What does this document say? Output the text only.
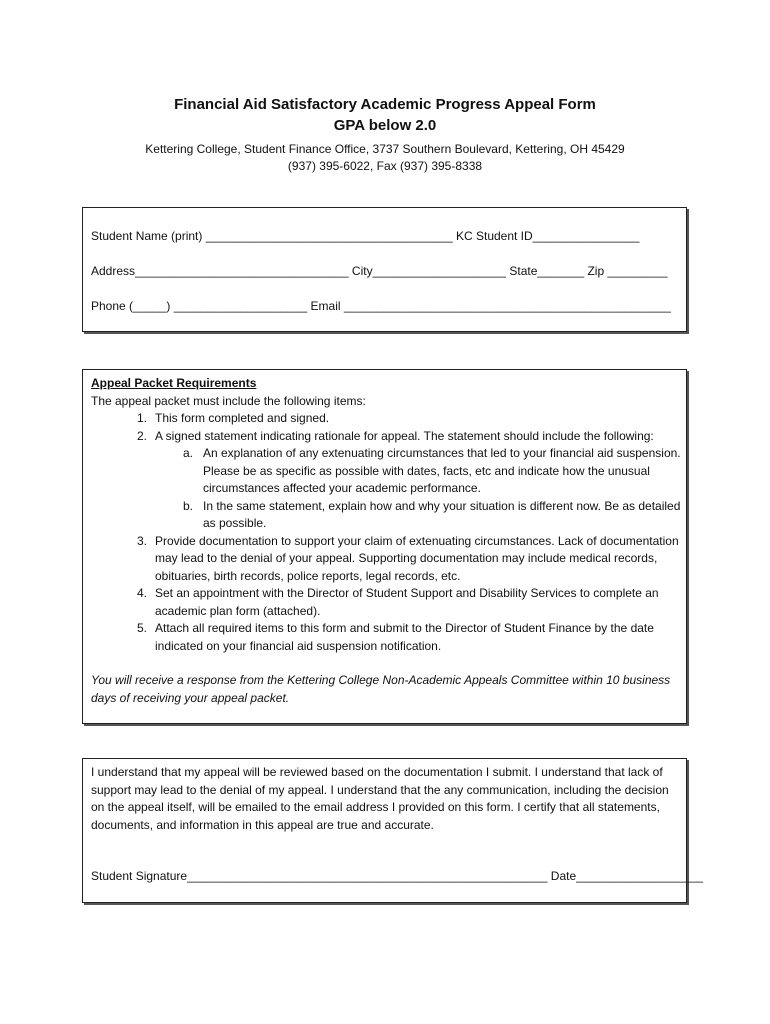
Financial Aid Satisfactory Academic Progress Appeal Form
GPA below 2.0
Kettering College, Student Finance Office, 3737 Southern Boulevard, Kettering, OH 45429
(937) 395-6022, Fax (937) 395-8338
Student Name (print) _____________________________________ KC Student ID________________
Address________________________________ City____________________ State_______ Zip _________
Phone (_____) ____________________ Email _________________________________________________
Appeal Packet Requirements
The appeal packet must include the following items:
1. This form completed and signed.
2. A signed statement indicating rationale for appeal. The statement should include the following:
a. An explanation of any extenuating circumstances that led to your financial aid suspension. Please be as specific as possible with dates, facts, etc and indicate how the unusual circumstances affected your academic performance.
b. In the same statement, explain how and why your situation is different now. Be as detailed as possible.
3. Provide documentation to support your claim of extenuating circumstances. Lack of documentation may lead to the denial of your appeal. Supporting documentation may include medical records, obituaries, birth records, police reports, legal records, etc.
4. Set an appointment with the Director of Student Support and Disability Services to complete an academic plan form (attached).
5. Attach all required items to this form and submit to the Director of Student Finance by the date indicated on your financial aid suspension notification.
You will receive a response from the Kettering College Non-Academic Appeals Committee within 10 business days of receiving your appeal packet.
I understand that my appeal will be reviewed based on the documentation I submit. I understand that lack of support may lead to the denial of my appeal. I understand that the any communication, including the decision on the appeal itself, will be emailed to the email address I provided on this form. I certify that all statements, documents, and information in this appeal are true and accurate.
Student Signature______________________________________________________ Date___________________
